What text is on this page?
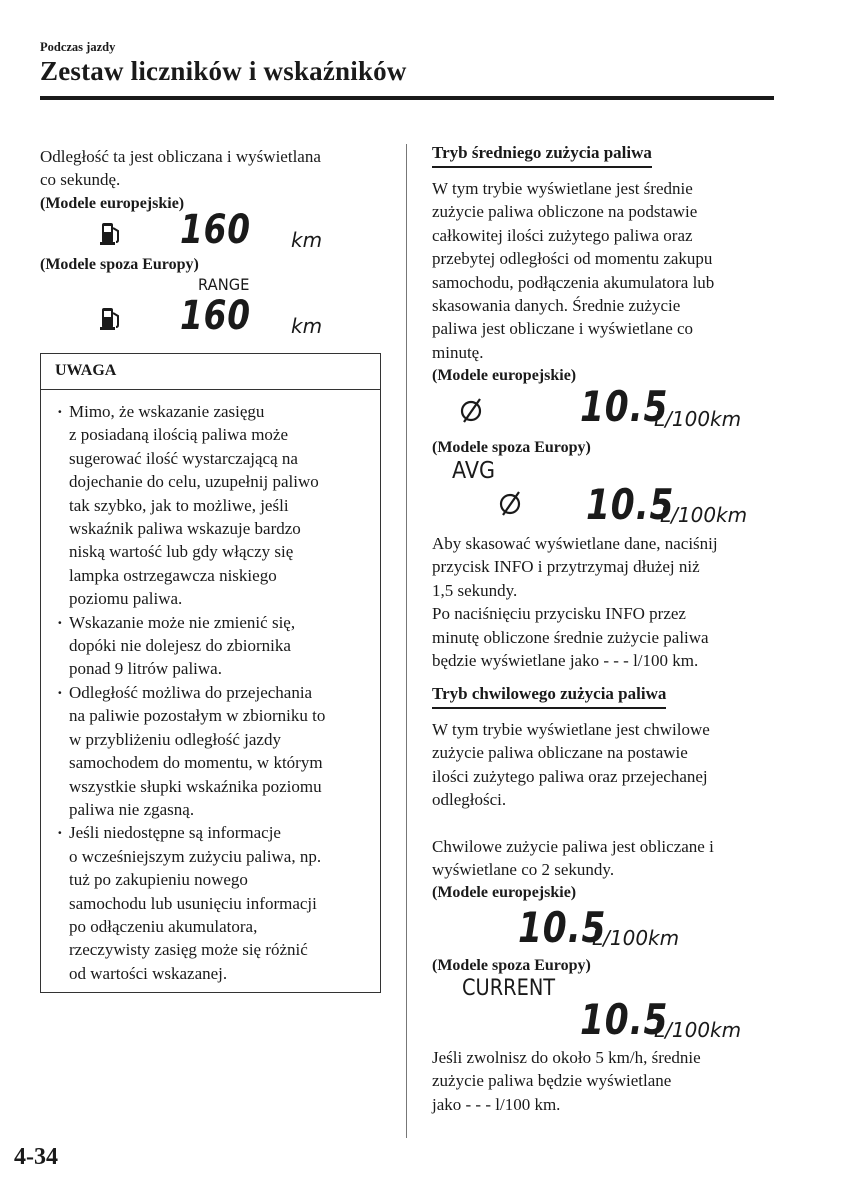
Podczas jazdy
Zestaw liczników i wskaźników
Odległość ta jest obliczana i wyświetlana
co sekundę.
(Modele europejskie)
160 km
(Modele spoza Europy)
RANGE
160 km
UWAGA
· Mimo, że wskazanie zasięgu
z posiadaną ilością paliwa może
sugerować ilość wystarczającą na
dojechanie do celu, uzupełnij paliwo
tak szybko, jak to możliwe, jeśli
wskaźnik paliwa wskazuje bardzo
niską wartość lub gdy włączy się
lampka ostrzegawcza niskiego
poziomu paliwa.
· Wskazanie może nie zmienić się,
dopóki nie dolejesz do zbiornika
ponad 9 litrów paliwa.
· Odległość możliwa do przejechania
na paliwie pozostałym w zbiorniku to
w przybliżeniu odległość jazdy
samochodem do momentu, w którym
wszystkie słupki wskaźnika poziomu
paliwa nie zgasną.
· Jeśli niedostępne są informacje
o wcześniejszym zużyciu paliwa, np.
tuż po zakupieniu nowego
samochodu lub usunięciu informacji
po odłączeniu akumulatora,
rzeczywisty zasięg może się różnić
od wartości wskazanej.
Tryb średniego zużycia paliwa
W tym trybie wyświetlane jest średnie
zużycie paliwa obliczone na podstawie
całkowitej ilości zużytego paliwa oraz
przebytej odległości od momentu zakupu
samochodu, podłączenia akumulatora lub
skasowania danych. Średnie zużycie
paliwa jest obliczane i wyświetlane co
minutę.
(Modele europejskie)
10.5
L/100km
(Modele spoza Europy)
AVG
10.5
L/100km
Aby skasować wyświetlane dane, naciśnij
przycisk INFO i przytrzymaj dłużej niż
1,5 sekundy.
Po naciśnięciu przycisku INFO przez
minutę obliczone średnie zużycie paliwa
będzie wyświetlane jako - - - l/100 km.
Tryb chwilowego zużycia paliwa
W tym trybie wyświetlane jest chwilowe
zużycie paliwa obliczane na postawie
ilości zużytego paliwa oraz przejechanej
odległości.
Chwilowe zużycie paliwa jest obliczane i
wyświetlane co 2 sekundy.
(Modele europejskie)
10.5
L/100km
(Modele spoza Europy)
CURRENT
10.5
L/100km
Jeśli zwolnisz do około 5 km/h, średnie
zużycie paliwa będzie wyświetlane
jako - - - l/100 km.
4-34
